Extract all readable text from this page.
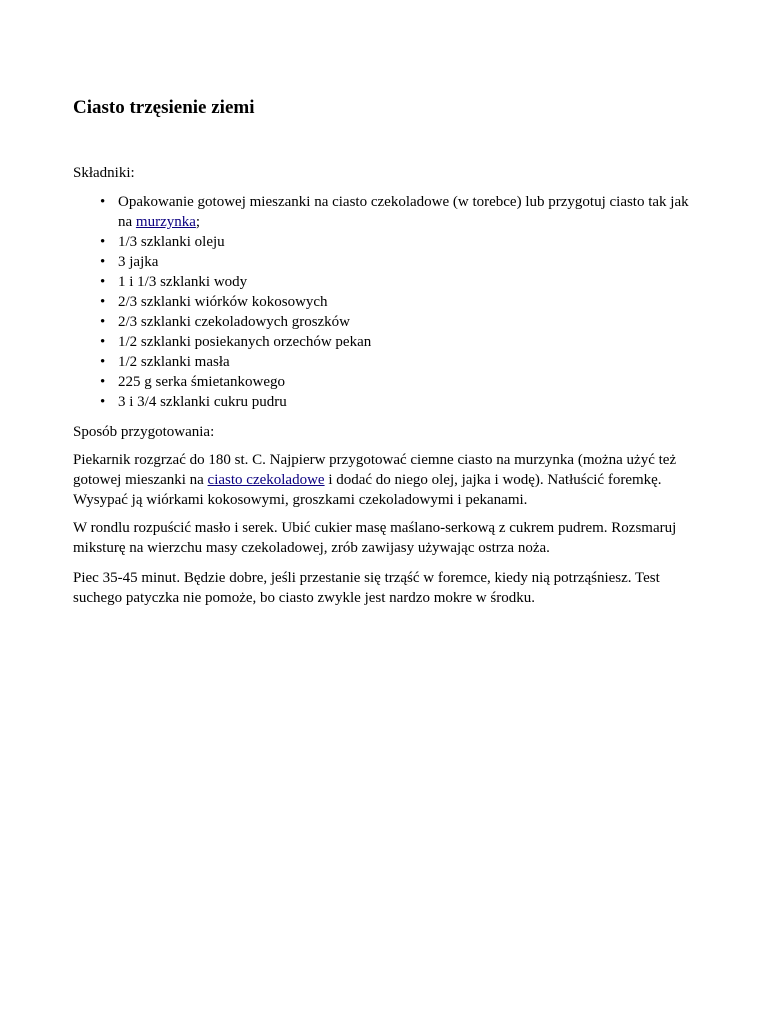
Ciasto trzęsienie ziemi

Składniki:

• Opakowanie gotowej mieszanki na ciasto czekoladowe (w torebce) lub przygotuj ciasto tak jak na murzynka;
• 1/3 szklanki oleju
• 3 jajka
• 1 i 1/3 szklanki wody
• 2/3 szklanki wiórków kokosowych
• 2/3 szklanki czekoladowych groszków
• 1/2 szklanki posiekanych orzechów pekan
• 1/2 szklanki masła
• 225 g serka śmietankowego
• 3 i 3/4 szklanki cukru pudru

Sposób przygotowania:

Piekarnik rozgrzać do 180 st. C. Najpierw przygotować ciemne ciasto na murzynka (można użyć też gotowej mieszanki na ciasto czekoladowe i dodać do niego olej, jajka i wodę). Natłuścić foremkę. Wysypać ją wiórkami kokosowymi, groszkami czekoladowymi i pekanami.

W rondlu rozpuścić masło i serek. Ubić cukier masę maślano-serkową z cukrem pudrem. Rozsmaruj miksturę na wierzchu masy czekoladowej, zrób zawijasy używając ostrza noża.

Piec 35-45 minut. Będzie dobre, jeśli przestanie się trząść w foremce, kiedy nią potrząśniesz. Test suchego patyczka nie pomoże, bo ciasto zwykle jest nardzo mokre w środku.
